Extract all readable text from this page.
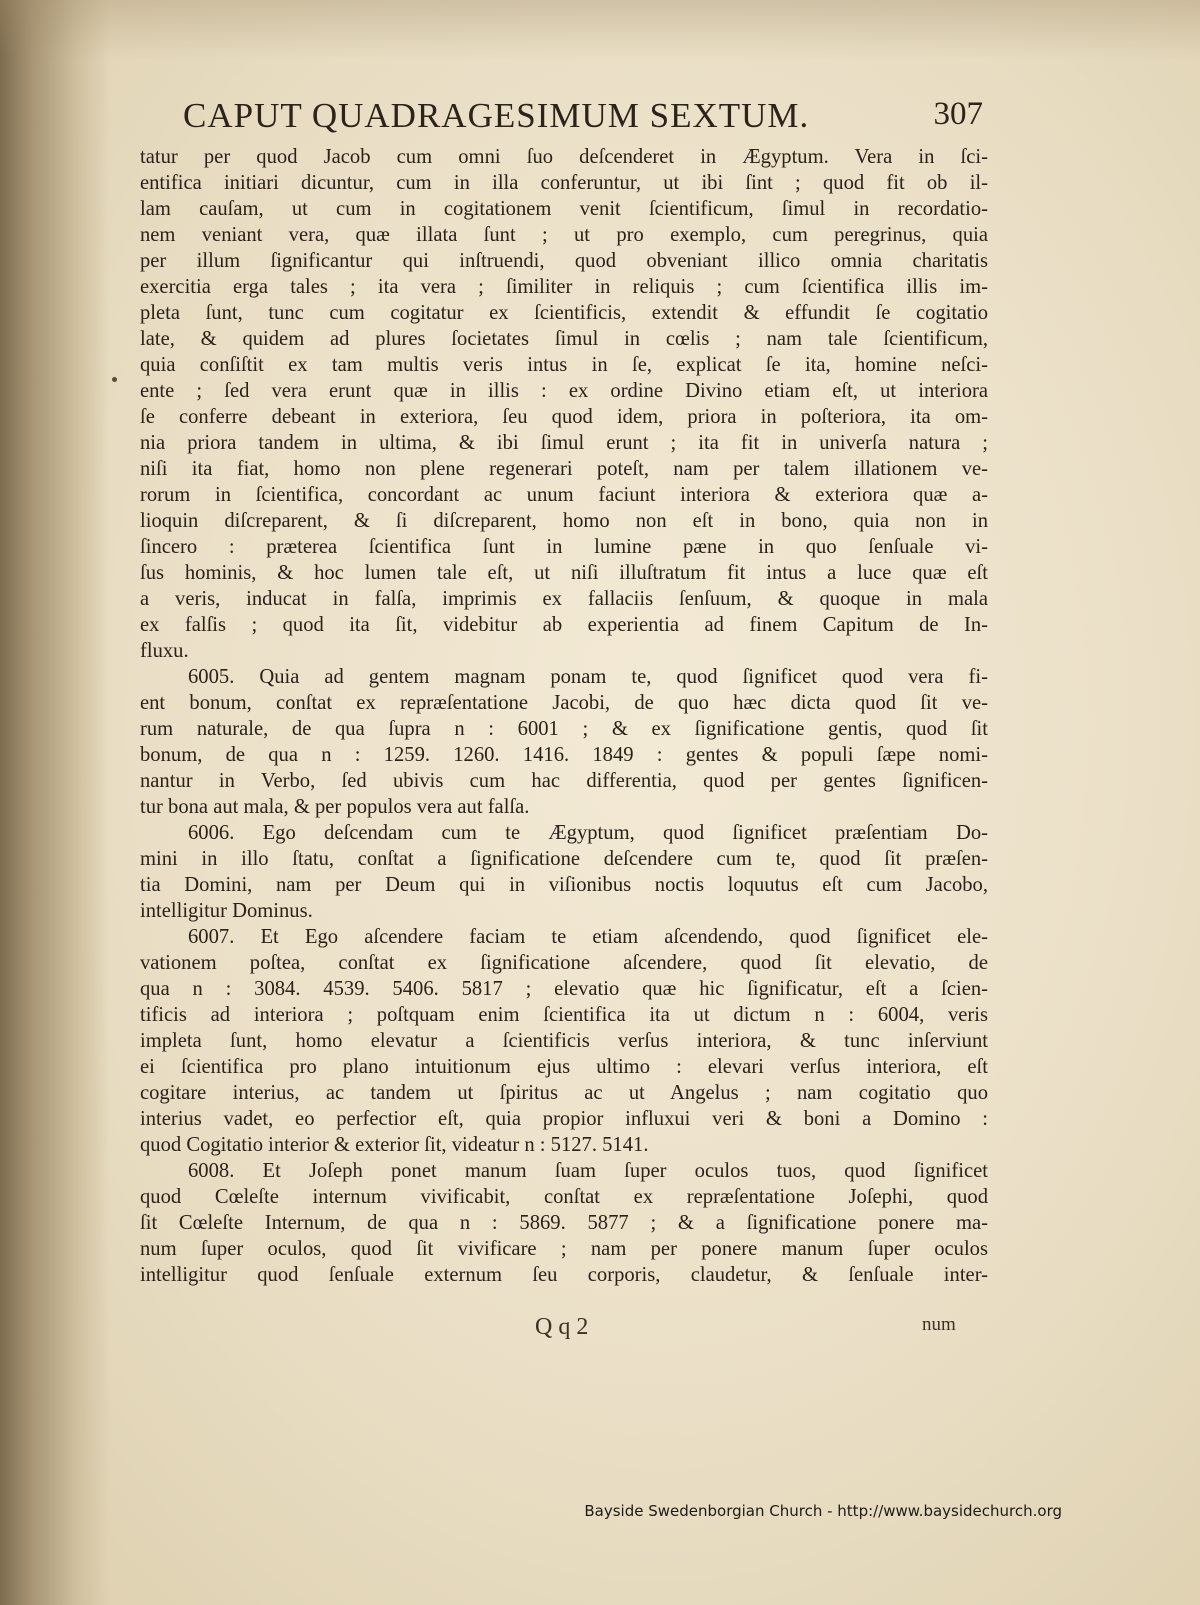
CAPUT QUADRAGESIMUM SEXTUM.	307
tatur per quod Jacob cum omni ſuo deſcenderet in Ægyptum. Vera in ſci-
entifica initiari dicuntur, cum in illa conferuntur, ut ibi ſint ; quod fit ob il-
lam cauſam, ut cum in cogitationem venit ſcientificum, ſimul in recordatio-
nem veniant vera, quæ illata ſunt ; ut pro exemplo, cum peregrinus, quia
per illum ſignificantur qui inſtruendi, quod obveniant illico omnia charitatis
exercitia erga tales ; ita vera ; ſimiliter in reliquis ; cum ſcientifica illis im-
pleta ſunt, tunc cum cogitatur ex ſcientificis, extendit & effundit ſe cogitatio
late, & quidem ad plures ſocietates ſimul in cœlis ; nam tale ſcientificum,
quia conſiſtit ex tam multis veris intus in ſe, explicat ſe ita, homine neſci-
ente ; ſed vera erunt quæ in illis : ex ordine Divino etiam eſt, ut interiora
ſe conferre debeant in exteriora, ſeu quod idem, priora in poſteriora, ita om-
nia priora tandem in ultima, & ibi ſimul erunt ; ita fit in univerſa natura ;
niſi ita fiat, homo non plene regenerari poteſt, nam per talem illationem ve-
rorum in ſcientifica, concordant ac unum faciunt interiora & exteriora quæ a-
lioquin diſcreparent, & ſi diſcreparent, homo non eſt in bono, quia non in
ſincero : præterea ſcientifica ſunt in lumine pæne in quo ſenſuale vi-
ſus hominis, & hoc lumen tale eſt, ut niſi illuſtratum fit intus a luce quæ eſt
a veris, inducat in falſa, imprimis ex fallaciis ſenſuum, & quoque in mala
ex falſis ; quod ita ſit, videbitur ab experientia ad finem Capitum de In-
fluxu.
6005. Quia ad gentem magnam ponam te, quod ſignificet quod vera fi-
ent bonum, conſtat ex repræſentatione Jacobi, de quo hæc dicta quod ſit ve-
rum naturale, de qua ſupra n : 6001 ; & ex ſignificatione gentis, quod ſit
bonum, de qua n : 1259. 1260. 1416. 1849 : gentes & populi ſæpe nomi-
nantur in Verbo, ſed ubivis cum hac differentia, quod per gentes ſignificen-
tur bona aut mala, & per populos vera aut falſa.
6006. Ego deſcendam cum te Ægyptum, quod ſignificet præſentiam Do-
mini in illo ſtatu, conſtat a ſignificatione deſcendere cum te, quod ſit præſen-
tia Domini, nam per Deum qui in viſionibus noctis loquutus eſt cum Jacobo,
intelligitur Dominus.
6007. Et Ego aſcendere faciam te etiam aſcendendo, quod ſignificet ele-
vationem poſtea, conſtat ex ſignificatione aſcendere, quod ſit elevatio, de
qua n : 3084. 4539. 5406. 5817 ; elevatio quæ hic ſignificatur, eſt a ſcien-
tificis ad interiora ; poſtquam enim ſcientifica ita ut dictum n : 6004, veris
impleta ſunt, homo elevatur a ſcientificis verſus interiora, & tunc inſerviunt
ei ſcientifica pro plano intuitionum ejus ultimo : elevari verſus interiora, eſt
cogitare interius, ac tandem ut ſpiritus ac ut Angelus ; nam cogitatio quo
interius vadet, eo perfectior eſt, quia propior influxui veri & boni a Domino :
quod Cogitatio interior & exterior ſit, videatur n : 5127. 5141.
6008. Et Joſeph ponet manum ſuam ſuper oculos tuos, quod ſignificet
quod Cœleſte internum vivificabit, conſtat ex repræſentatione Joſephi, quod
ſit Cœleſte Internum, de qua n : 5869. 5877 ; & a ſignificatione ponere ma-
num ſuper oculos, quod ſit vivificare ; nam per ponere manum ſuper oculos
intelligitur quod ſenſuale externum ſeu corporis, claudetur, & ſenſuale inter-
Q q 2	num
Bayside Swedenborgian Church - http://www.baysidechurch.org
